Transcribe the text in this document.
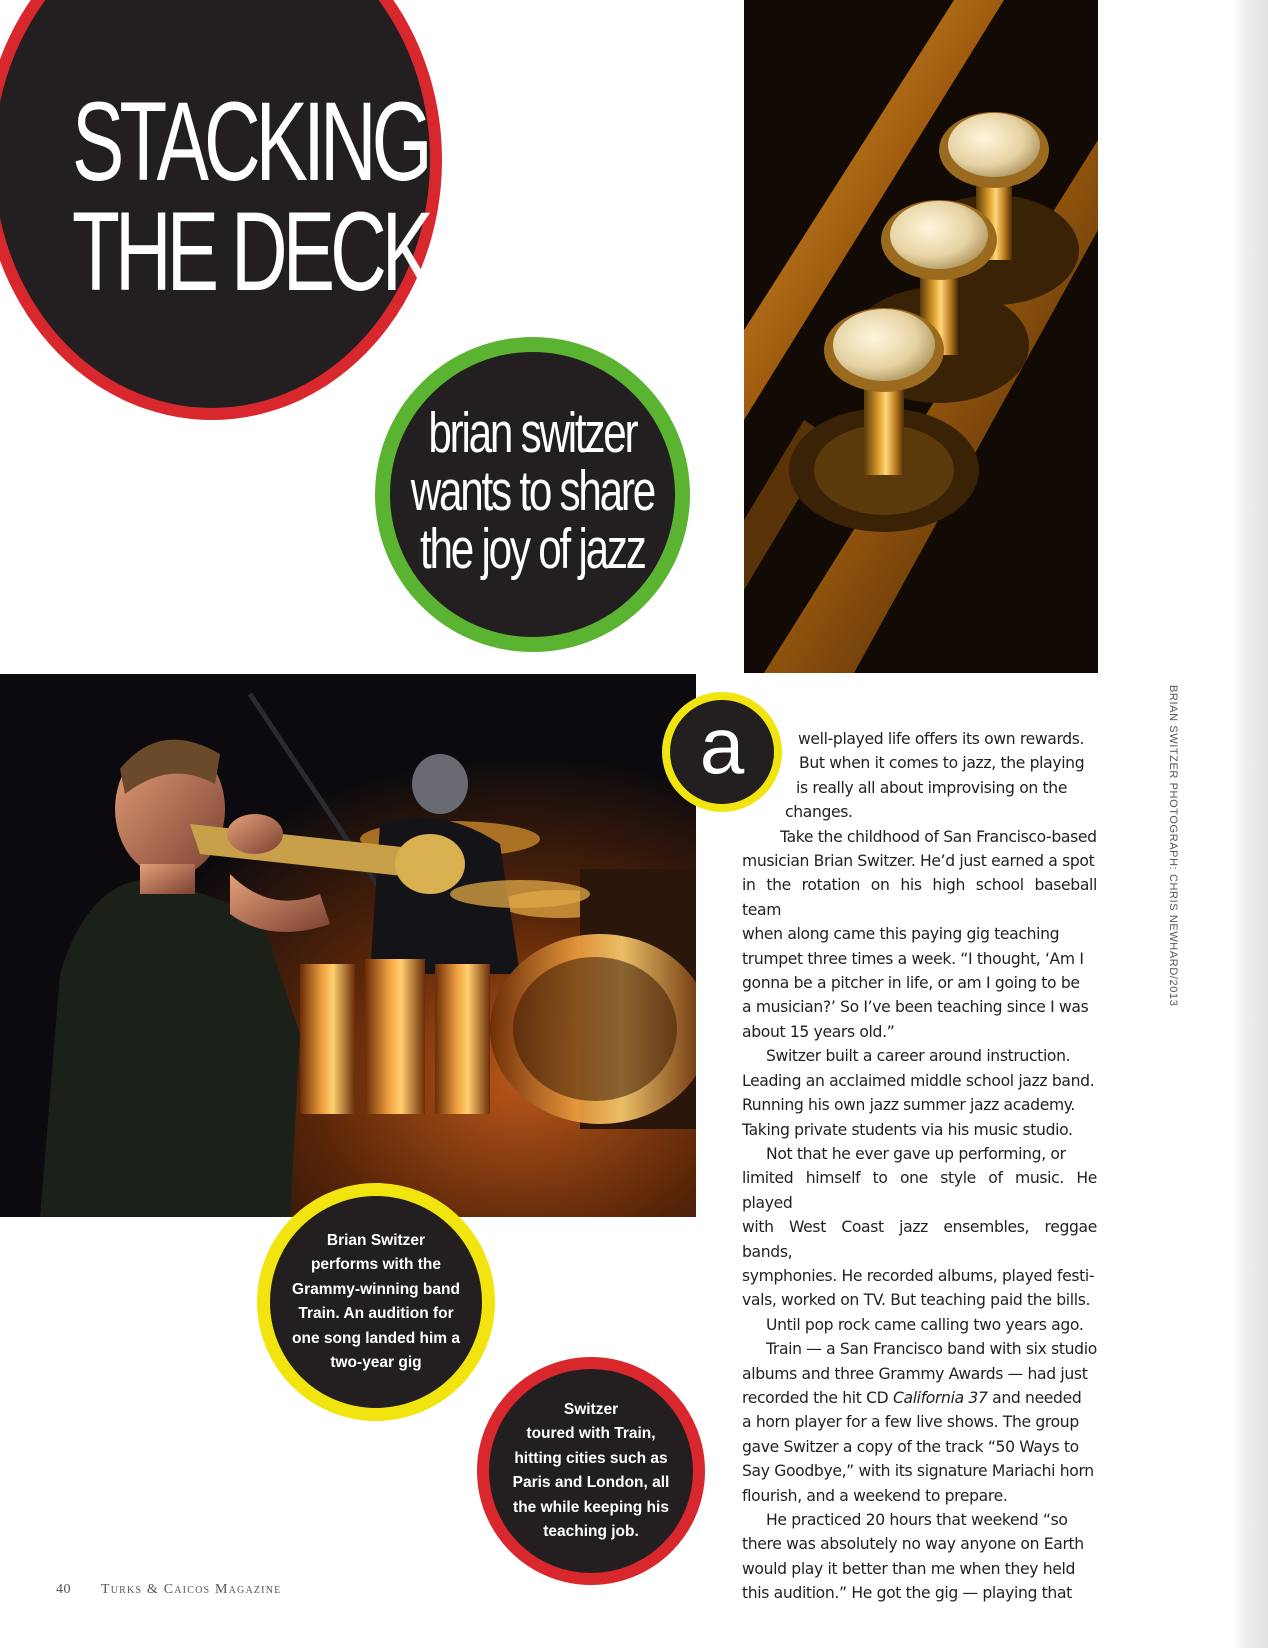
STACKING
THE DECK
brian switzer
wants to share
the joy of jazz
a	well-played life offers its own rewards.
But when it comes to jazz, the playing
is really all about improvising on the
changes.

Take the childhood of San Francisco-based
musician Brian Switzer. He’d just earned a spot
in the rotation on his high school baseball team
when along came this paying gig teaching
trumpet three times a week. “I thought, ‘Am I
gonna be a pitcher in life, or am I going to be
a musician?’ So I’ve been teaching since I was
about 15 years old.”

Switzer built a career around instruction.
Leading an acclaimed middle school jazz band.
Running his own jazz summer jazz academy.
Taking private students via his music studio.

Not that he ever gave up performing, or
limited himself to one style of music. He played
with West Coast jazz ensembles, reggae bands,
symphonies. He recorded albums, played festi-
vals, worked on TV. But teaching paid the bills.

Until pop rock came calling two years ago.

Train — a San Francisco band with six studio
albums and three Grammy Awards — had just
recorded the hit CD California 37 and needed
a horn player for a few live shows. The group
gave Switzer a copy of the track “50 Ways to
Say Goodbye,” with its signature Mariachi horn
flourish, and a weekend to prepare.

He practiced 20 hours that weekend “so
there was absolutely no way anyone on Earth
would play it better than me when they held
this audition.” He got the gig — playing that

Brian Switzer
performs with the
Grammy-winning band
Train. An audition for
one song landed him a
two-year gig
Switzer
toured with Train,
hitting cities such as
Paris and London, all
the while keeping his
teaching job.
BRIAN SWITZER PHOTOGRAPH: CHRIS NEWHARD/2013
40 Turks & Caicos Magazine
